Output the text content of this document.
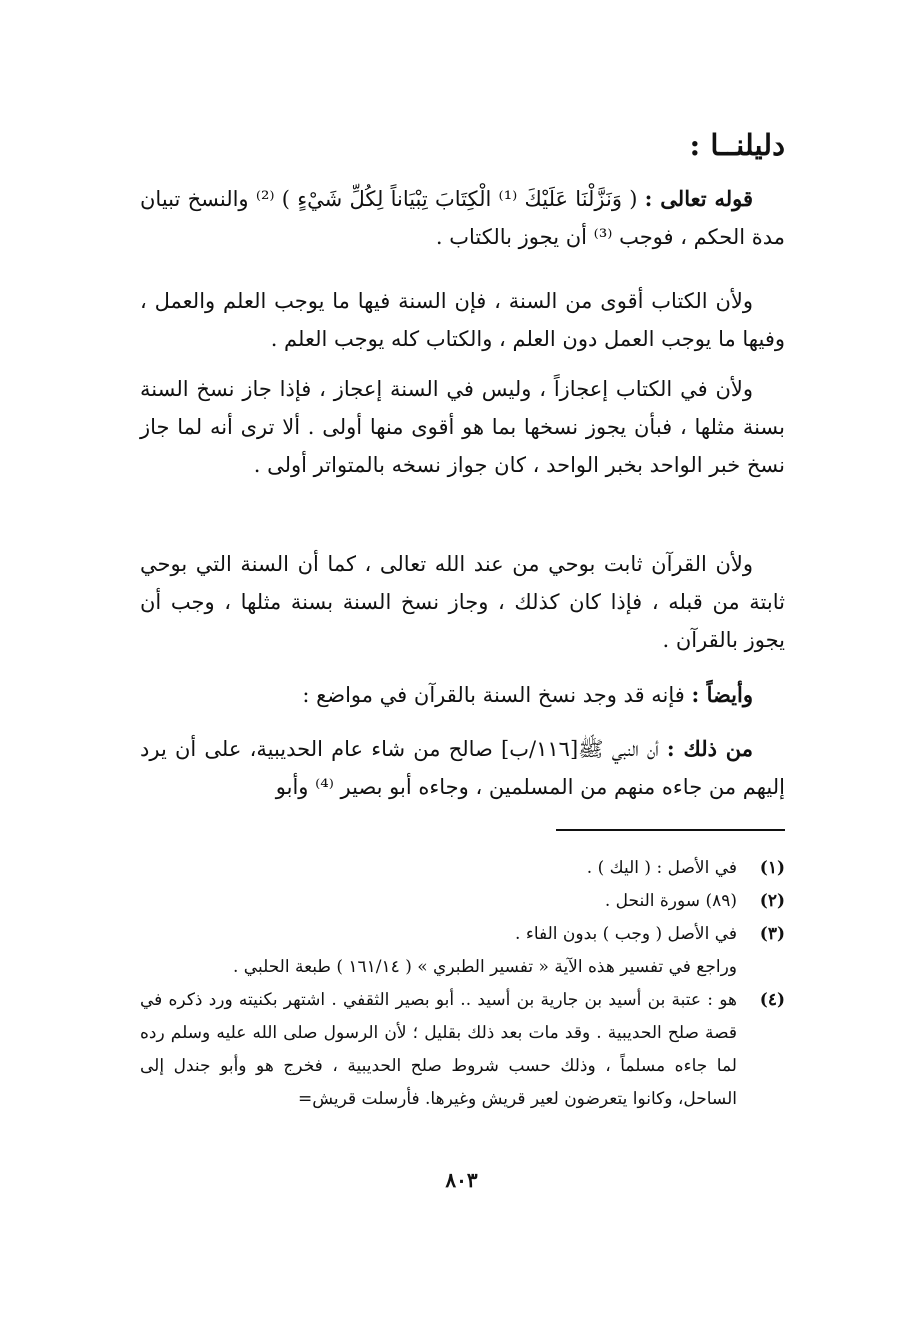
دليلنــا :

قوله تعالى : ( وَنَزَّلْنَا عَلَيْكَ ⁽¹⁾ الْكِتَابَ تِبْيَاناً لِكُلِّ شَيْءٍ ) ⁽²⁾ والنسخ تبيان مدة الحكم ، فوجب ⁽³⁾ أن يجوز بالكتاب .

ولأن الكتاب أقوى من السنة ، فإن السنة فيها ما يوجب العلم والعمل ، وفيها ما يوجب العمل دون العلم ، والكتاب كله يوجب العلم .

ولأن في الكتاب إعجازاً ، وليس في السنة إعجاز ، فإذا جاز نسخ السنة بسنة مثلها ، فبأن يجوز نسخها بما هو أقوى منها أولى . ألا ترى أنه لما جاز نسخ خبر الواحد بخبر الواحد ، كان جواز نسخه بالمتواتر أولى .

ولأن القرآن ثابت بوحي من عند الله تعالى ، كما أن السنة التي بوحي ثابتة من قبله ، فإذا كان كذلك ، وجاز نسخ السنة بسنة مثلها ، وجب أن يجوز بالقرآن .

وأيضاً : فإنه قد وجد نسخ السنة بالقرآن في مواضع :

من ذلك : أن النبي ﷺ[١١٦/ب] صالح من شاء عام الحديبية، على أن يرد إليهم من جاءه منهم من المسلمين ، وجاءه أبو بصير ⁽⁴⁾ وأبو

(١)
في الأصل : ( اليك ) .
(٢)
(٨٩) سورة النحل .
(٣)
في الأصل ( وجب ) بدون الفاء .
وراجع في تفسير هذه الآية « تفسير الطبري » ( ١٦١/١٤ ) طبعة الحلبي .
(٤)
هو : عتبة بن أسيد بن جارية بن أسيد .. أبو بصير الثقفي . اشتهر بكنيته ورد ذكره في قصة صلح الحديبية . وقد مات بعد ذلك بقليل ؛ لأن الرسول صلى الله عليه وسلم رده لما جاءه مسلماً ، وذلك حسب شروط صلح الحديبية ، فخرج هو وأبو جندل إلى الساحل، وكانوا يتعرضون لعير قريش وغيرها. فأرسلت قريش=
٨٠٣
